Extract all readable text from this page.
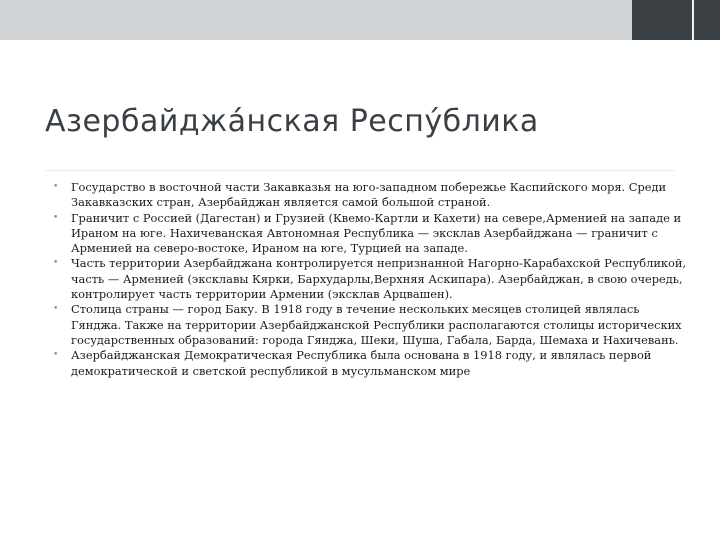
Азербайджа́нская Респу́блика
• Государство в восточной части Закавказья на юго-западном побережье Каспийского моря. Среди Закавказских стран, Азербайджан является самой большой страной.
• Граничит с Россией (Дагестан) и Грузией (Квемо-Картли и Кахети) на севере,Арменией на западе и Ираном на юге. Нахичеванская Автономная Республика — эксклав Азербайджана — граничит с Арменией на северо-востоке, Ираном на юге, Турцией на западе.
• Часть территории Азербайджана контролируется непризнанной Нагорно-Карабахской Республикой, часть — Арменией (эксклавы Кярки, Бархударлы,Верхняя Аскипара). Азербайджан, в свою очередь, контролирует часть территории Армении (эксклав Арцвашен).
• Столица страны — город Баку. В 1918 году в течение нескольких месяцев столицей являлась Гянджа. Также на территории Азербайджанской Республики располагаются столицы исторических государственных образований: города Гянджа, Шеки, Шуша, Габала, Барда, Шемаха и Нахичевань.
• Азербайджанская Демократическая Республика была основана в 1918 году, и являлась первой демократической и светской республикой в мусульманском мире
